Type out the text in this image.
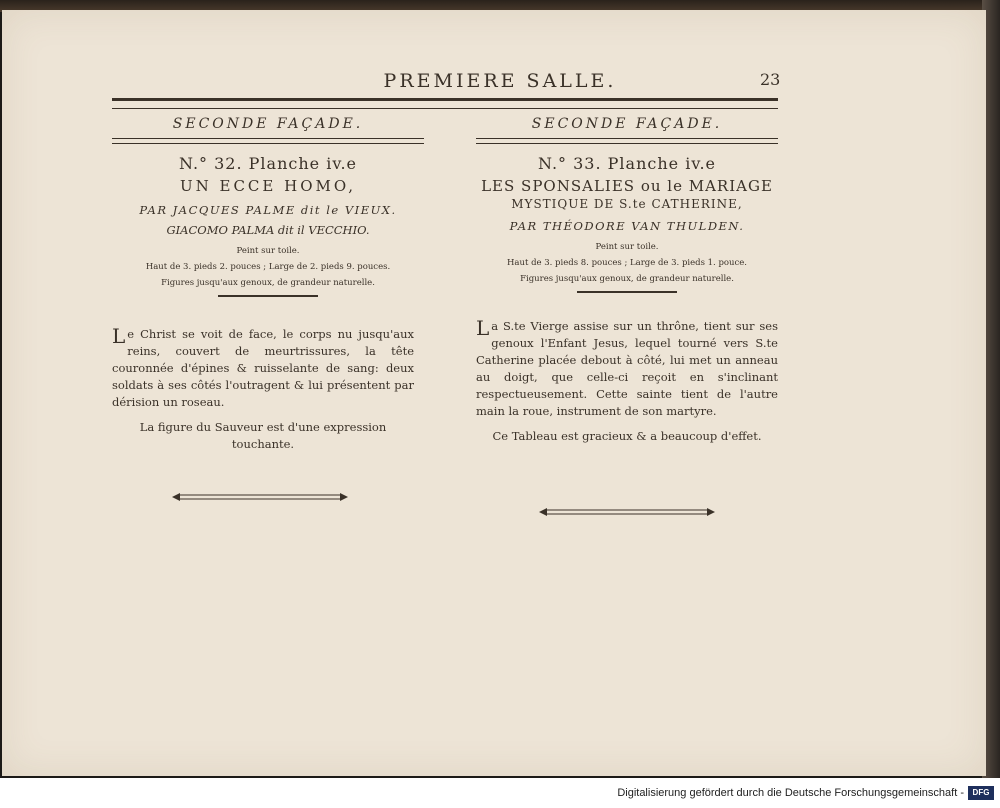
PREMIERE SALLE.	23
SECONDE FAÇADE.
N.° 32. Planche iv.e
UN ECCE HOMO,
PAR JACQUES PALME dit le VIEUX.
GIACOMO PALMA dit il VECCHIO.
Peint sur toile.
Haut de 3. pieds 2. pouces ; Large de 2. pieds 9. pouces.
Figures jusqu'aux genoux, de grandeur naturelle.
Le Christ se voit de face, le corps nu jusqu'aux reins, couvert de meurtrissures, la tête couronnée d'épines & ruisselante de sang: deux soldats à ses côtés l'outragent & lui présentent par dérision un roseau.
La figure du Sauveur est d'une expression touchante.
SECONDE FAÇADE.
N.° 33. Planche iv.e
LES SPONSALIES ou le MARIAGE
MYSTIQUE DE S.te CATHERINE,
PAR THÉODORE VAN THULDEN.
Peint sur toile.
Haut de 3. pieds 8. pouces ; Large de 3. pieds 1. pouce.
Figures jusqu'aux genoux, de grandeur naturelle.
La S.te Vierge assise sur un thrône, tient sur ses genoux l'Enfant Jesus, lequel tourné vers S.te Catherine placée debout à côté, lui met un anneau au doigt, que celle-ci reçoit en s'inclinant respectueusement. Cette sainte tient de l'autre main la roue, instrument de son martyre.
Ce Tableau est gracieux & a beaucoup d'effet.
Digitalisierung gefördert durch die Deutsche Forschungsgemeinschaft -	DFG
